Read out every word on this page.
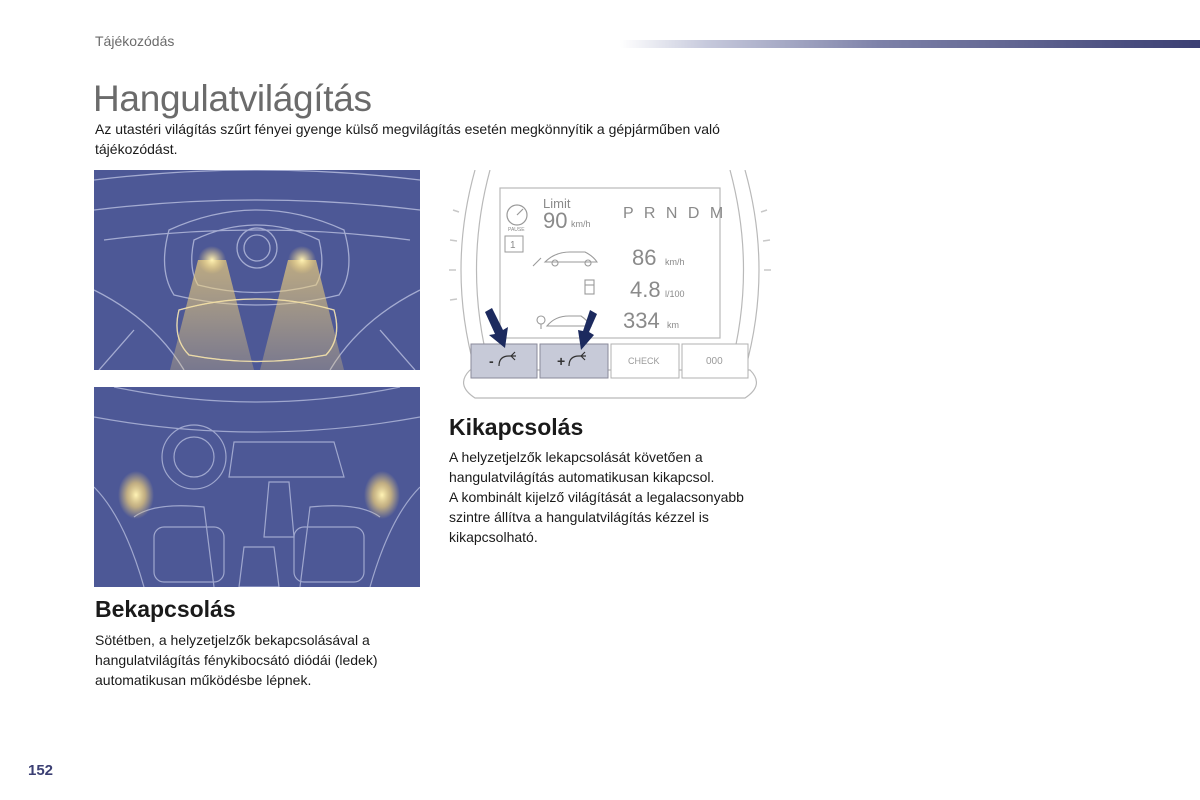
Tájékozódás
Hangulatvilágítás

Az utastéri világítás szűrt fényei gyenge külső megvilágítás esetén megkönnyítik a gépjárműben való tájékozódást.

PAUSE
1
Limit
90 km/h
P R N D M
86 km/h
4.8 l/100
334 km
-	+	CHECK	000
Kikapcsolás

A helyzetjelzők lekapcsolását követően a hangulatvilágítás automatikusan kikapcsol.

A kombinált kijelző világítását a legalacsonyabb szintre állítva a hangulatvilágítás kézzel is kikapcsolható.

Bekapcsolás

Sötétben, a helyzetjelzők bekapcsolásával a hangulatvilágítás fénykibocsátó diódái (ledek) automatikusan működésbe lépnek.

152
